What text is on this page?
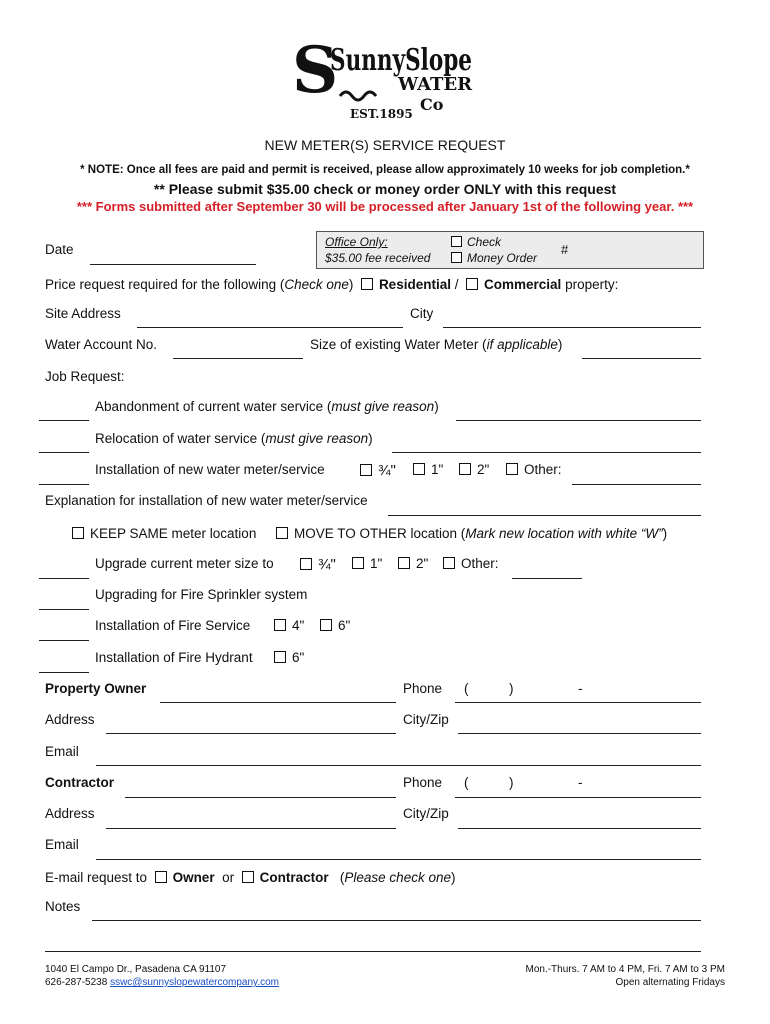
S
SunnySlope
WATER
Co
EST.1895
NEW METER(S) SERVICE REQUEST
* NOTE: Once all fees are paid and permit is received, please allow approximately 10 weeks for job completion.*
** Please submit $35.00 check or money order ONLY with this request
*** Forms submitted after September 30 will be processed after January 1st of the following year. ***
Date	Office Only:
$35.00 fee received
Check
Money Order
#
Price request required for the following (Check one) Residential / Commercial property:
Site Address	City
Water Account No.	Size of existing Water Meter (if applicable)
Job Request:
Abandonment of current water service (must give reason)
Relocation of water service (must give reason)
Installation of new water meter/service	¾"	1"	2"	Other:
Explanation for installation of new water meter/service
KEEP SAME meter location	MOVE TO OTHER location (Mark new location with white “W”)
Upgrade current meter size to	¾"	1"	2"	Other:
Upgrading for Fire Sprinkler system
Installation of Fire Service	4"	6"
Installation of Fire Hydrant	6"
Property Owner	Phone (	)	-
Address	City/Zip
Email
Contractor	Phone (	)	-
Address	City/Zip
Email
E-mail request to Owner or Contractor (Please check one)
Notes
1040 El Campo Dr., Pasadena CA 91107
626-287-5238 sswc@sunnyslopewatercompany.com
Mon.-Thurs. 7 AM to 4 PM, Fri. 7 AM to 3 PM
Open alternating Fridays
